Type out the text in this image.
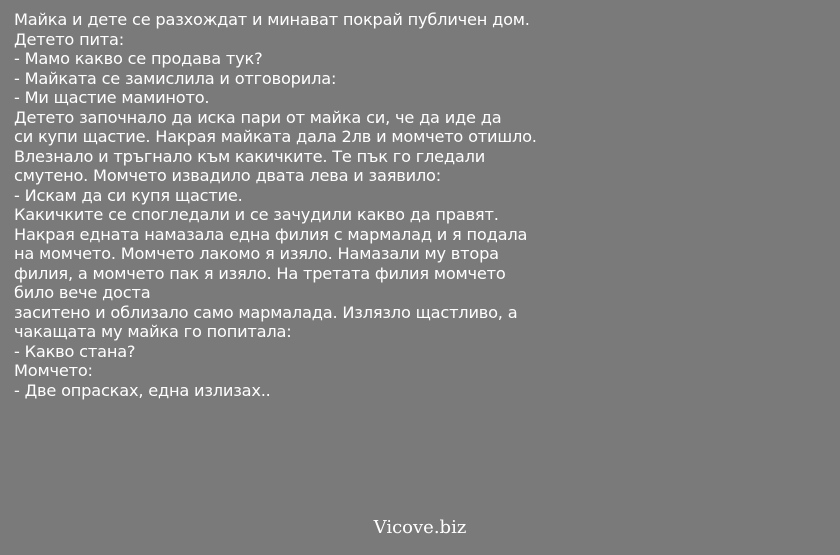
Майка и дете се разхождат и минават покрай публичен дом.
Детето пита:
- Мамо какво се продава тук?
- Майката се замислила и отговорила:
- Ми щастие маминото.
Детето започнало да иска пари от майка си, че да иде да
си купи щастие. Накрая майката дала 2лв и момчето отишло.
Влезнало и тръгнало към какичките. Те пък го гледали
смутено. Момчето извадило двата лева и заявило:
- Искам да си купя щастие.
Какичките се спогледали и се зачудили какво да правят.
Накрая едната намазала една филия с мармалад и я подала
на момчето. Момчето лакомо я изяло. Намазали му втора
филия, а момчето пак я изяло. На третата филия момчето
било вече доста
заситено и облизало само мармалада. Излязло щастливо, а
чакащата му майка го попитала:
- Какво стана?
Момчето:
- Две опрасках, една излизах..
Vicove.biz
